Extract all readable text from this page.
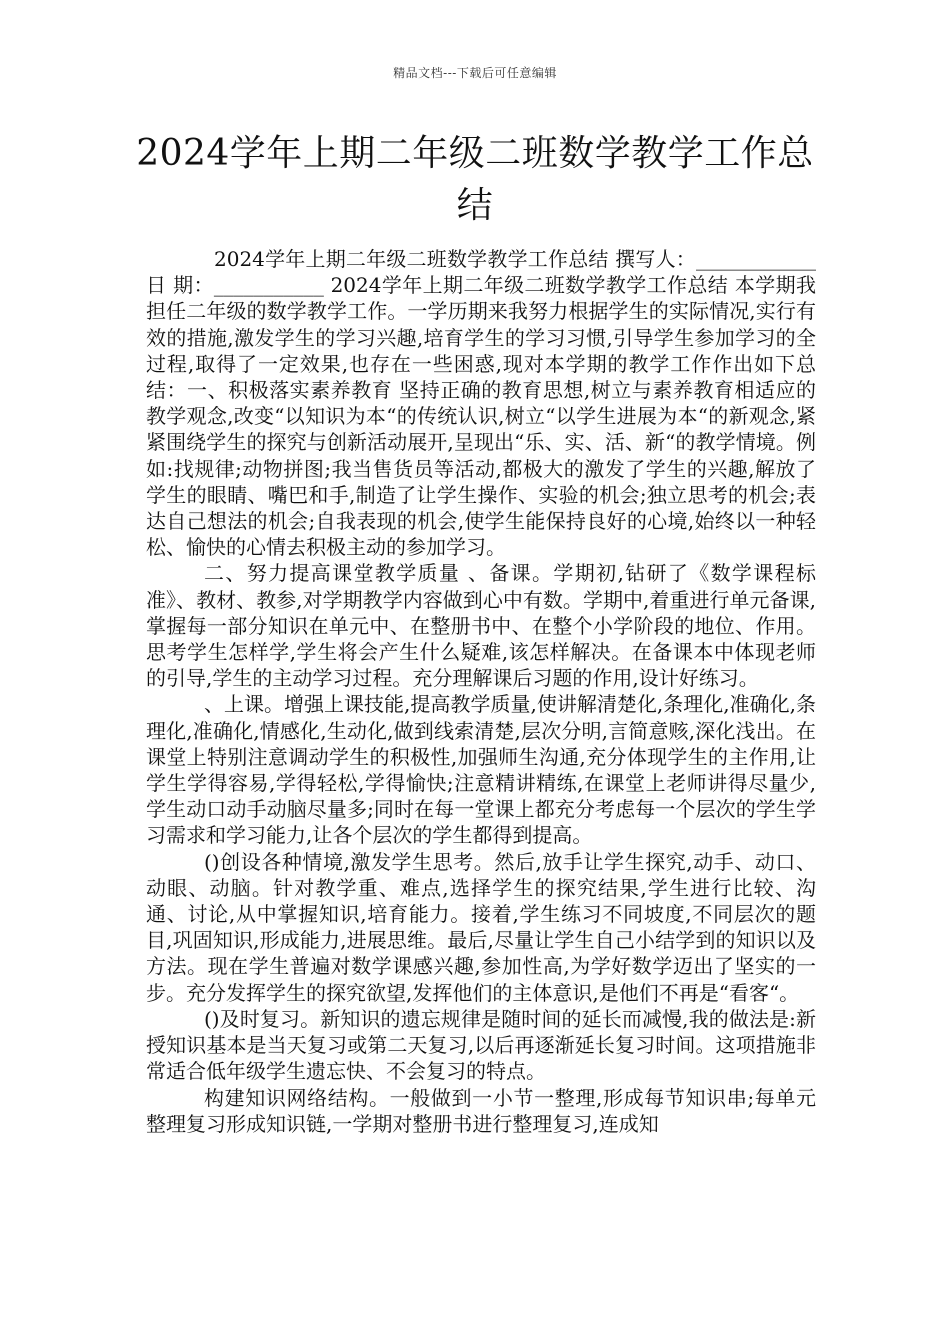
精品文档---下载后可任意编辑
2024学年上期二年级二班数学教学工作总结

2024学年上期二年级二班数学教学工作总结 撰写人：____________ 日 期：___________ 2024学年上期二年级二班数学教学工作总结 本学期我担任二年级的数学教学工作。一学历期来我努力根据学生的实际情况,实行有效的措施,激发学生的学习兴趣,培育学生的学习习惯,引导学生参加学习的全过程,取得了一定效果,也存在一些困惑,现对本学期的教学工作作出如下总结：一、积极落实素养教育 坚持正确的教育思想,树立与素养教育相适应的教学观念,改变“以知识为本“的传统认识,树立“以学生进展为本“的新观念,紧紧围绕学生的探究与创新活动展开,呈现出“乐、实、活、新“的教学情境。例如:找规律;动物拼图;我当售货员等活动,都极大的激发了学生的兴趣,解放了学生的眼睛、嘴巴和手,制造了让学生操作、实验的机会;独立思考的机会;表达自己想法的机会;自我表现的机会,使学生能保持良好的心境,始终以一种轻松、愉快的心情去积极主动的参加学习。

二、努力提高课堂教学质量 、备课。学期初,钻研了《数学课程标准》、教材、教参,对学期教学内容做到心中有数。学期中,着重进行单元备课,掌握每一部分知识在单元中、在整册书中、在整个小学阶段的地位、作用。思考学生怎样学,学生将会产生什么疑难,该怎样解决。在备课本中体现老师的引导,学生的主动学习过程。充分理解课后习题的作用,设计好练习。

、上课。增强上课技能,提高教学质量,使讲解清楚化,条理化,准确化,条理化,准确化,情感化,生动化,做到线索清楚,层次分明,言简意赅,深化浅出。在课堂上特别注意调动学生的积极性,加强师生沟通,充分体现学生的主作用,让学生学得容易,学得轻松,学得愉快;注意精讲精练,在课堂上老师讲得尽量少,学生动口动手动脑尽量多;同时在每一堂课上都充分考虑每一个层次的学生学习需求和学习能力,让各个层次的学生都得到提高。

()创设各种情境,激发学生思考。然后,放手让学生探究,动手、动口、动眼、动脑。针对教学重、难点,选择学生的探究结果,学生进行比较、沟通、讨论,从中掌握知识,培育能力。接着,学生练习不同坡度,不同层次的题目,巩固知识,形成能力,进展思维。最后,尽量让学生自己小结学到的知识以及方法。现在学生普遍对数学课感兴趣,参加性高,为学好数学迈出了坚实的一步。充分发挥学生的探究欲望,发挥他们的主体意识,是他们不再是“看客“。

()及时复习。新知识的遗忘规律是随时间的延长而减慢,我的做法是:新授知识基本是当天复习或第二天复习,以后再逐渐延长复习时间。这项措施非常适合低年级学生遗忘快、不会复习的特点。

构建知识网络结构。一般做到一小节一整理,形成每节知识串;每单元整理复习形成知识链,一学期对整册书进行整理复习,连成知
